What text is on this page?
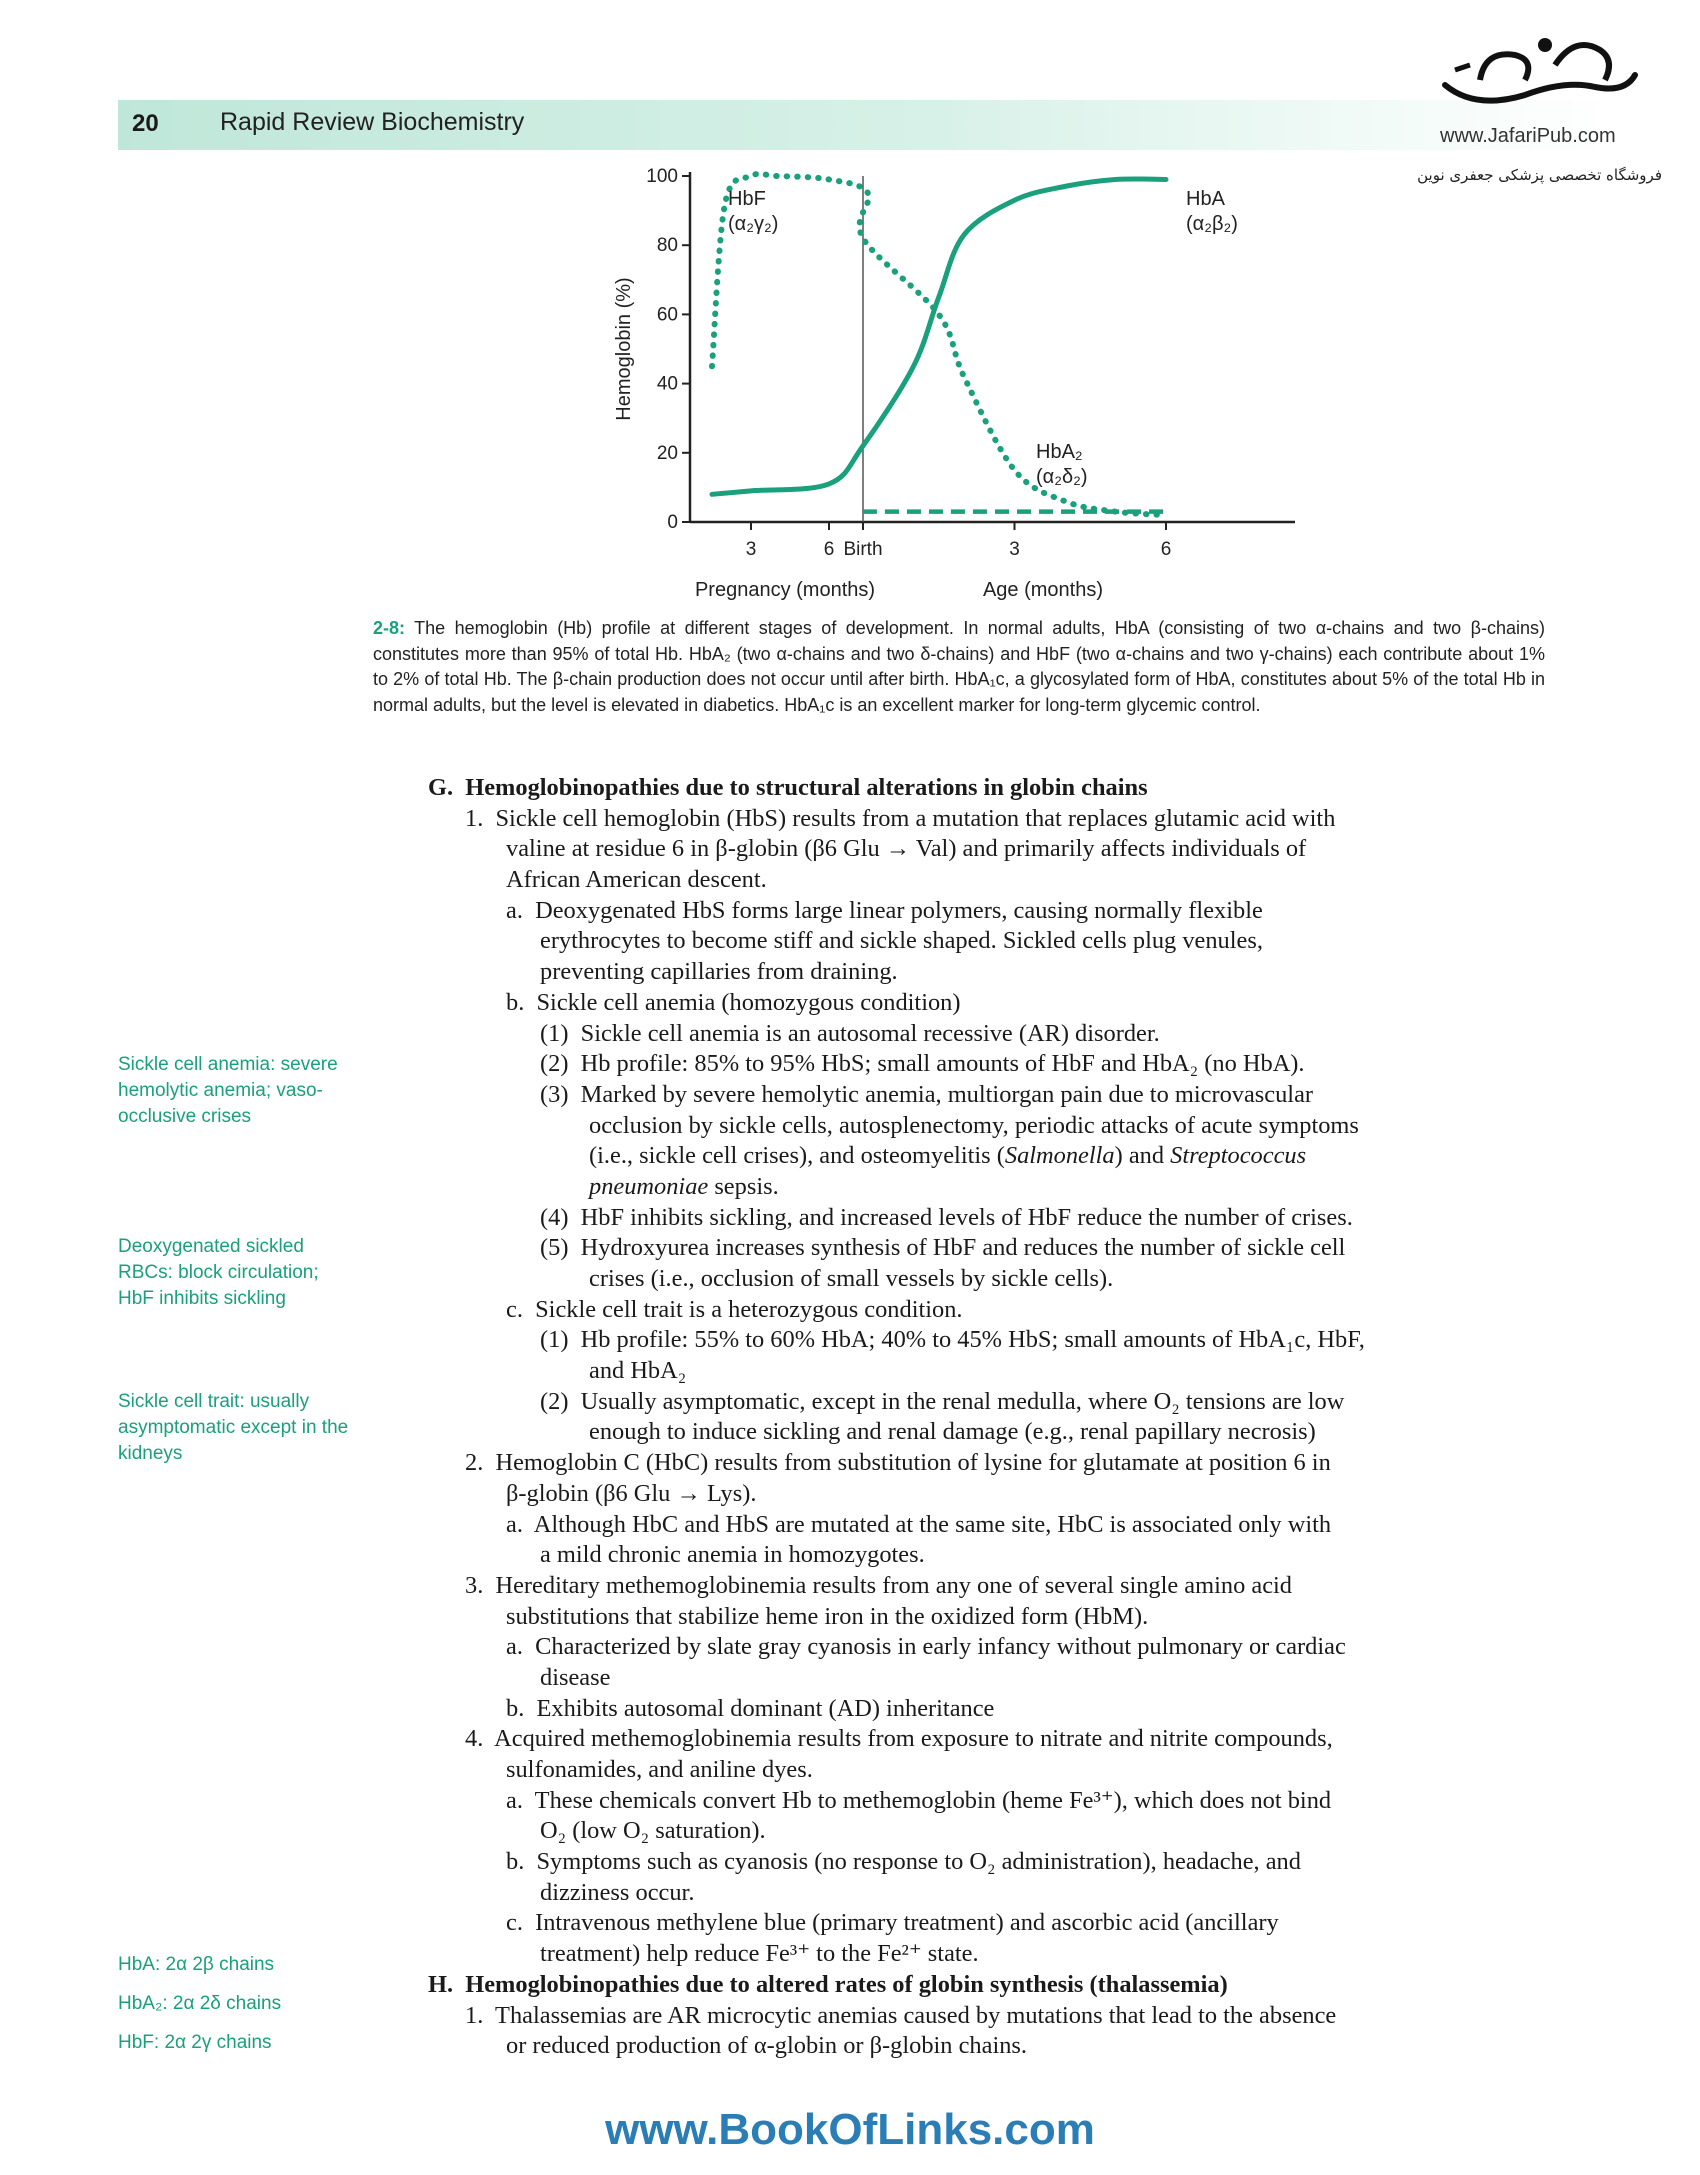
20 Rapid Review Biochemistry	www.JafariPub.com
فروشگاه تخصصی پزشکی جعفری نوین
0
20
40
60
80
100
3	6 Birth	3	6
Pregnancy (months)	Age (months)
Hemoglobin (%)
HbF
(α₂γ₂)
HbA
(α₂β₂)
HbA₂
(α₂δ₂)
2-8: The hemoglobin (Hb) profile at different stages of development. In normal adults, HbA (consisting of two α-chains and two β-chains) constitutes more than 95% of total Hb. HbA₂ (two α-chains and two δ-chains) and HbF (two α-chains and two γ-chains) each contribute about 1% to 2% of total Hb. The β-chain production does not occur until after birth. HbA₁c, a glycosylated form of HbA, constitutes about 5% of the total Hb in normal adults, but the level is elevated in diabetics. HbA₁c is an excellent marker for long-term glycemic control.
G.  Hemoglobinopathies due to structural alterations in globin chains
1.  Sickle cell hemoglobin (HbS) results from a mutation that replaces glutamic acid with
valine at residue 6 in β-globin (β6 Glu → Val) and primarily affects individuals of
African American descent.
a.  Deoxygenated HbS forms large linear polymers, causing normally flexible
erythrocytes to become stiff and sickle shaped. Sickled cells plug venules,
preventing capillaries from draining.
b.  Sickle cell anemia (homozygous condition)
(1)  Sickle cell anemia is an autosomal recessive (AR) disorder.
(2)  Hb profile: 85% to 95% HbS; small amounts of HbF and HbA₂ (no HbA).
(3)  Marked by severe hemolytic anemia, multiorgan pain due to microvascular
occlusion by sickle cells, autosplenectomy, periodic attacks of acute symptoms
(i.e., sickle cell crises), and osteomyelitis (Salmonella) and Streptococcus
pneumoniae sepsis.
(4)  HbF inhibits sickling, and increased levels of HbF reduce the number of crises.
(5)  Hydroxyurea increases synthesis of HbF and reduces the number of sickle cell
crises (i.e., occlusion of small vessels by sickle cells).
c.  Sickle cell trait is a heterozygous condition.
(1)  Hb profile: 55% to 60% HbA; 40% to 45% HbS; small amounts of HbA₁c, HbF,
and HbA₂
(2)  Usually asymptomatic, except in the renal medulla, where O₂ tensions are low
enough to induce sickling and renal damage (e.g., renal papillary necrosis)
2.  Hemoglobin C (HbC) results from substitution of lysine for glutamate at position 6 in
β-globin (β6 Glu → Lys).
a.  Although HbC and HbS are mutated at the same site, HbC is associated only with
a mild chronic anemia in homozygotes.
3.  Hereditary methemoglobinemia results from any one of several single amino acid
substitutions that stabilize heme iron in the oxidized form (HbM).
a.  Characterized by slate gray cyanosis in early infancy without pulmonary or cardiac
disease
b.  Exhibits autosomal dominant (AD) inheritance
4.  Acquired methemoglobinemia results from exposure to nitrate and nitrite compounds,
sulfonamides, and aniline dyes.
a.  These chemicals convert Hb to methemoglobin (heme Fe³⁺), which does not bind
O₂ (low O₂ saturation).
b.  Symptoms such as cyanosis (no response to O₂ administration), headache, and
dizziness occur.
c.  Intravenous methylene blue (primary treatment) and ascorbic acid (ancillary
treatment) help reduce Fe³⁺ to the Fe²⁺ state.
H.  Hemoglobinopathies due to altered rates of globin synthesis (thalassemia)
1.  Thalassemias are AR microcytic anemias caused by mutations that lead to the absence
or reduced production of α-globin or β-globin chains.
Sickle cell anemia: severe hemolytic anemia; vaso-occlusive crises
Deoxygenated sickled RBCs: block circulation; HbF inhibits sickling
Sickle cell trait: usually asymptomatic except in the kidneys
HbA: 2α 2β chains
HbA₂: 2α 2δ chains
HbF: 2α 2γ chains
www.BookOfLinks.com
